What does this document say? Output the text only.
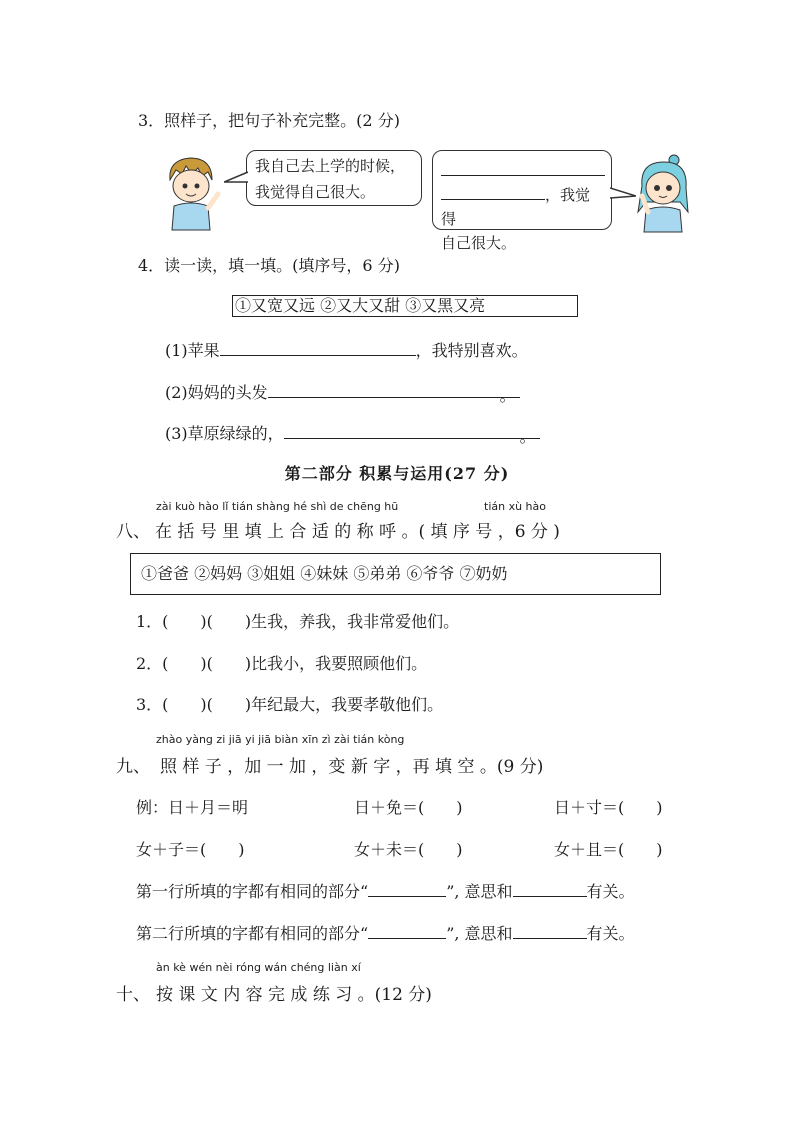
3．照样子，把句子补充完整。(2 分)
我自己去上学的时候，
我觉得自己很大。	，我觉得
自己很大。
4．读一读，填一填。(填序号，6 分)
①又宽又远 ②又大又甜 ③又黑又亮
(1)苹果	，我特别喜欢。
(2)妈妈的头发	。
(3)草原绿绿的，	。
第二部分 积累与运用(27 分)
zài kuò hào lǐ tián shàng hé shì de chēng hū	tián xù hào
八、 在 括 号 里 填 上 合 适 的 称 呼 。( 填 序 号 ，6 分 )
①爸爸 ②妈妈 ③姐姐 ④妹妹 ⑤弟弟 ⑥爷爷 ⑦奶奶
1．(　　)(　　)生我，养我，我非常爱他们。
2．(　　)(　　)比我小，我要照顾他们。
3．(　　)(　　)年纪最大，我要孝敬他们。
zhào yàng zi jiā yi jiā biàn xīn zì zài tián kòng
九、 照 样 子 ，加 一 加 ，变 新 字 ，再 填 空 。(9 分)
例：日＋月＝明	日＋免＝(　　)	日＋寸＝(　　)
女＋子＝(　　)	女＋未＝(　　)	女＋且＝(　　)
第一行所填的字都有相同的部分“	”, 意思和	有关。
第二行所填的字都有相同的部分“	”, 意思和	有关。
àn kè wén nèi róng wán chéng liàn xí
十、 按 课 文 内 容 完 成 练 习 。(12 分)
